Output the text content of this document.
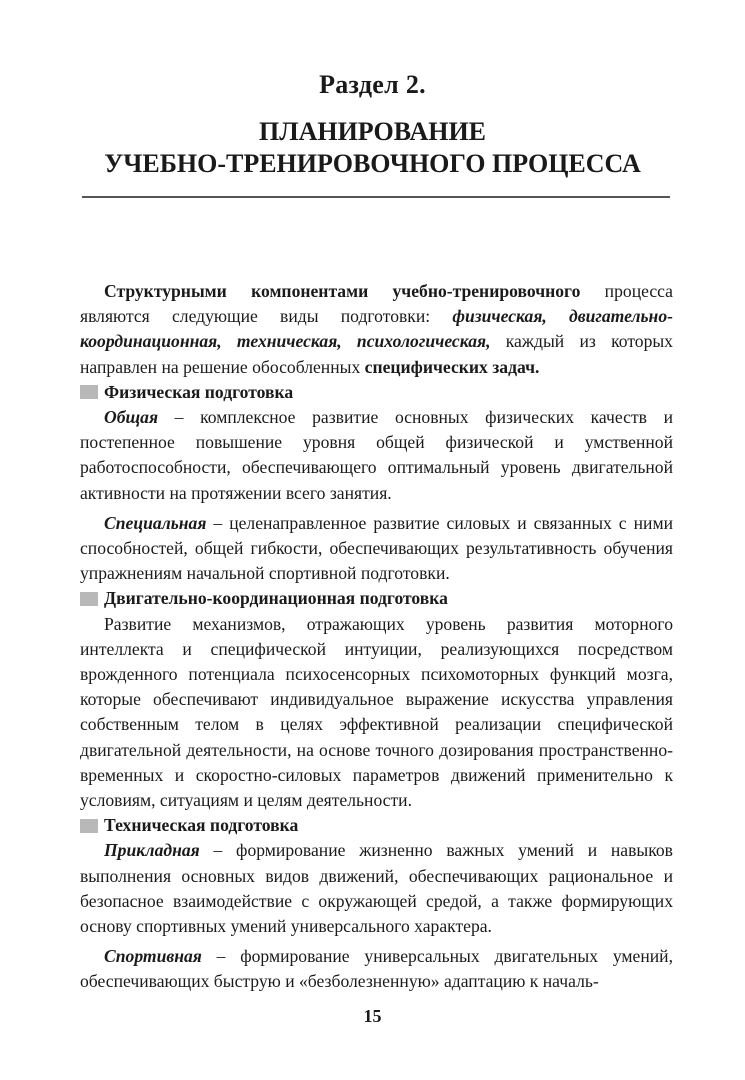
Раздел 2.
ПЛАНИРОВАНИЕ
УЧЕБНО-ТРЕНИРОВОЧНОГО ПРОЦЕССА

Структурными компонентами учебно-тренировочного процесса являются следующие виды подготовки: физическая, двигательно-координационная, техническая, психологическая, каждый из которых направлен на решение обособленных специфических задач.

Физическая подготовка

Общая – комплексное развитие основных физических качеств и постепенное повышение уровня общей физической и умственной работоспособности, обеспечивающего оптимальный уровень двигательной активности на протяжении всего занятия.

Специальная – целенаправленное развитие силовых и связанных с ними способностей, общей гибкости, обеспечивающих результативность обучения упражнениям начальной спортивной подготовки.

Двигательно-координационная подготовка

Развитие механизмов, отражающих уровень развития моторного интеллекта и специфической интуиции, реализующихся посредством врожденного потенциала психосенсорных психомоторных функций мозга, которые обеспечивают индивидуальное выражение искусства управления собственным телом в целях эффективной реализации специфической двигательной деятельности, на основе точного дозирования пространственно-временных и скоростно-силовых параметров движений применительно к условиям, ситуациям и целям деятельности.

Техническая подготовка

Прикладная – формирование жизненно важных умений и навыков выполнения основных видов движений, обеспечивающих рациональное и безопасное взаимодействие с окружающей средой, а также формирующих основу спортивных умений универсального характера.

Спортивная – формирование универсальных двигательных умений, обеспечивающих быструю и «безболезненную» адаптацию к началь-

15
